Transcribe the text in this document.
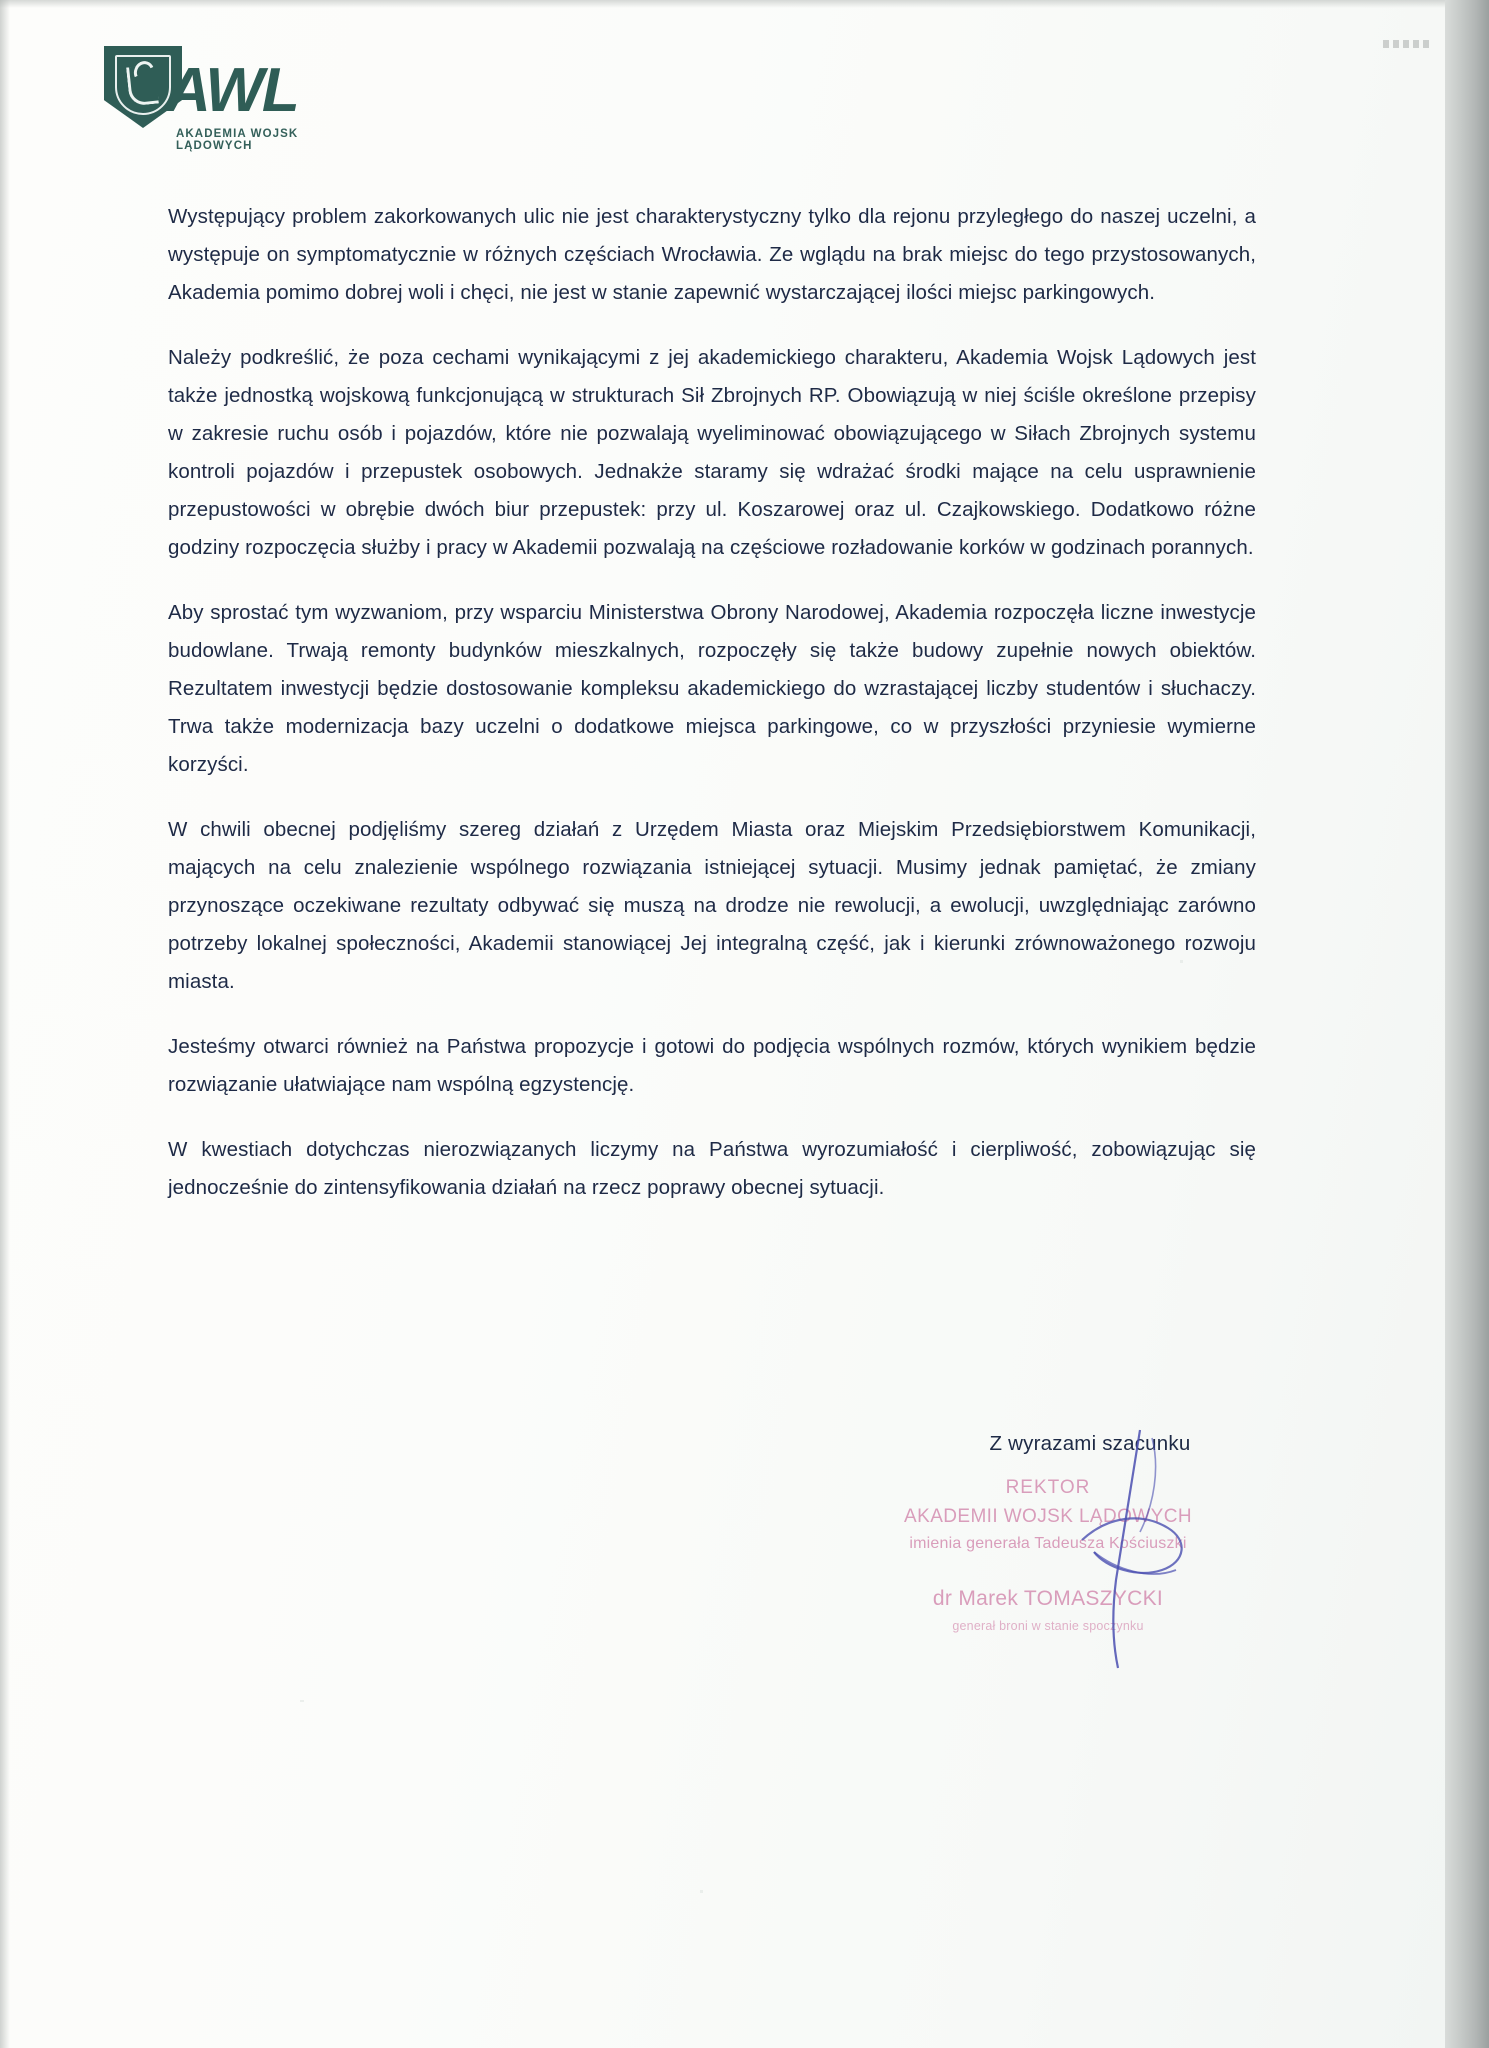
AWL
AKADEMIA WOJSK LĄDOWYCH

Występujący problem zakorkowanych ulic nie jest charakterystyczny tylko dla rejonu przyległego do naszej uczelni, a występuje on symptomatycznie w różnych częściach Wrocławia. Ze wglądu na brak miejsc do tego przystosowanych, Akademia pomimo dobrej woli i chęci, nie jest w stanie zapewnić wystarczającej ilości miejsc parkingowych.

Należy podkreślić, że poza cechami wynikającymi z jej akademickiego charakteru, Akademia Wojsk Lądowych jest także jednostką wojskową funkcjonującą w strukturach Sił Zbrojnych RP. Obowiązują w niej ściśle określone przepisy w zakresie ruchu osób i pojazdów, które nie pozwalają wyeliminować obowiązującego w Siłach Zbrojnych systemu kontroli pojazdów i przepustek osobowych. Jednakże staramy się wdrażać środki mające na celu usprawnienie przepustowości w obrębie dwóch biur przepustek: przy ul. Koszarowej oraz ul. Czajkowskiego. Dodatkowo różne godziny rozpoczęcia służby i pracy w Akademii pozwalają na częściowe rozładowanie korków w godzinach porannych.

Aby sprostać tym wyzwaniom, przy wsparciu Ministerstwa Obrony Narodowej, Akademia rozpoczęła liczne inwestycje budowlane. Trwają remonty budynków mieszkalnych, rozpoczęły się także budowy zupełnie nowych obiektów. Rezultatem inwestycji będzie dostosowanie kompleksu akademickiego do wzrastającej liczby studentów i słuchaczy. Trwa także modernizacja bazy uczelni o dodatkowe miejsca parkingowe, co w przyszłości przyniesie wymierne korzyści.

W chwili obecnej podjęliśmy szereg działań z Urzędem Miasta oraz Miejskim Przedsiębiorstwem Komunikacji, mających na celu znalezienie wspólnego rozwiązania istniejącej sytuacji. Musimy jednak pamiętać, że zmiany przynoszące oczekiwane rezultaty odbywać się muszą na drodze nie rewolucji, a ewolucji, uwzględniając zarówno potrzeby lokalnej społeczności, Akademii stanowiącej Jej integralną część, jak i kierunki zrównoważonego rozwoju miasta.

Jesteśmy otwarci również na Państwa propozycje i gotowi do podjęcia wspólnych rozmów, których wynikiem będzie rozwiązanie ułatwiające nam wspólną egzystencję.

W kwestiach dotychczas nierozwiązanych liczymy na Państwa wyrozumiałość i cierpliwość, zobowiązując się jednocześnie do zintensyfikowania działań na rzecz poprawy obecnej sytuacji.

Z wyrazami szacunku
REKTOR
AKADEMII WOJSK LĄDOWYCH
imienia generała Tadeusza Kościuszki
dr Marek TOMASZYCKI
generał broni w stanie spoczynku
